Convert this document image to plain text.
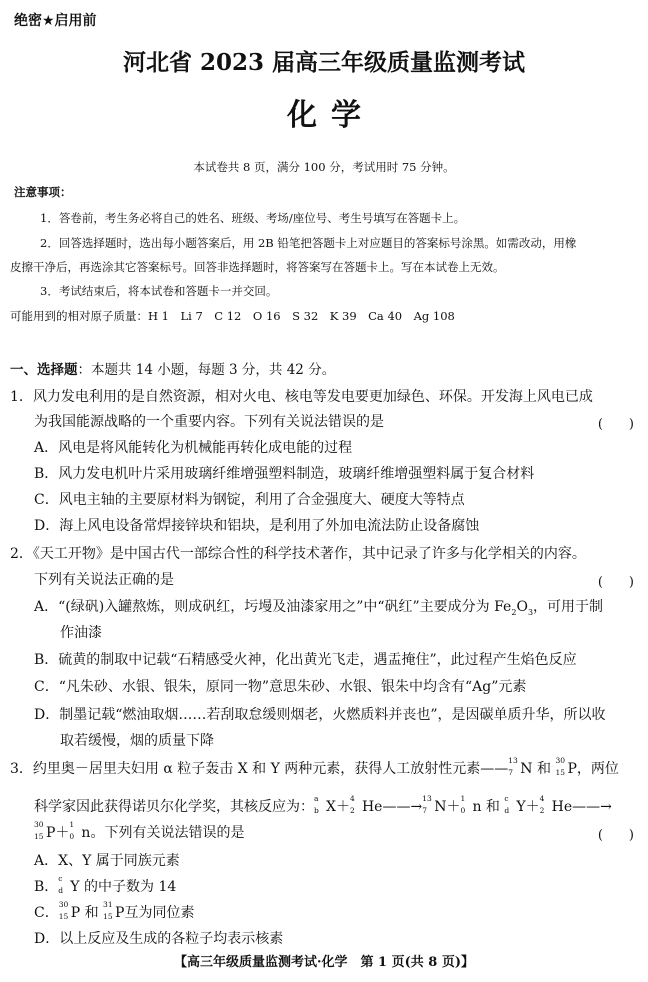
绝密★启用前
河北省 2023 届高三年级质量监测考试
化学
本试卷共 8 页，满分 100 分，考试用时 75 分钟。
注意事项：
1．答卷前，考生务必将自己的姓名、班级、考场/座位号、考生号填写在答题卡上。
2．回答选择题时，选出每小题答案后，用 2B 铅笔把答题卡上对应题目的答案标号涂黑。如需改动，用橡
皮擦干净后，再选涂其它答案标号。回答非选择题时，将答案写在答题卡上。写在本试卷上无效。
3．考试结束后，将本试卷和答题卡一并交回。
可能用到的相对原子质量：H 1　Li 7　C 12　O 16　S 32　K 39　Ca 40　Ag 108
一、选择题：本题共 14 小题，每题 3 分，共 42 分。
1．风力发电利用的是自然资源，相对火电、核电等发电要更加绿色、环保。开发海上风电已成
为我国能源战略的一个重要内容。下列有关说法错误的是	(　　)
A．风电是将风能转化为机械能再转化成电能的过程
B．风力发电机叶片采用玻璃纤维增强塑料制造，玻璃纤维增强塑料属于复合材料
C．风电主轴的主要原材料为钢锭，利用了合金强度大、硬度大等特点
D．海上风电设备常焊接锌块和铝块，是利用了外加电流法防止设备腐蚀
2．《天工开物》是中国古代一部综合性的科学技术著作，其中记录了许多与化学相关的内容。
下列有关说法正确的是	(　　)
A．“(绿矾)入罐熬炼，则成矾红，圬墁及油漆家用之”中“矾红”主要成分为 $Fe_2O_3$，可用于制
作油漆
B．硫黄的制取中记载“石精感受火神，化出黄光飞走，遇盂掩住”，此过程产生焰色反应
C．“凡朱砂、水银、银朱，原同一物”意思朱砂、水银、银朱中均含有“Ag”元素
D．制墨记载“燃油取烟……若刮取怠缓则烟老，火燃质料并丧也”，是因碳单质升华，所以收
取若缓慢，烟的质量下降
3．约里奥－居里夫妇用 α 粒子轰击 X 和 Y 两种元素，获得人工放射性元素——
13
7 N 和
30
15 P，两位
科学家因此获得诺贝尔化学奖，其核反应为：
a
b X＋
4
2 He——→
13
7 N＋
1
0 n 和
c
d Y＋
4
2 He——→
30
15 P＋
1
0 n。下列有关说法错误的是	(　　)
A．X、Y 属于同族元素
B．
c
d Y 的中子数为 14
C．
30
15 P 和
31
15 P互为同位素
D．以上反应及生成的各粒子均表示核素
【高三年级质量监测考试·化学　第 1 页(共 8 页)】
